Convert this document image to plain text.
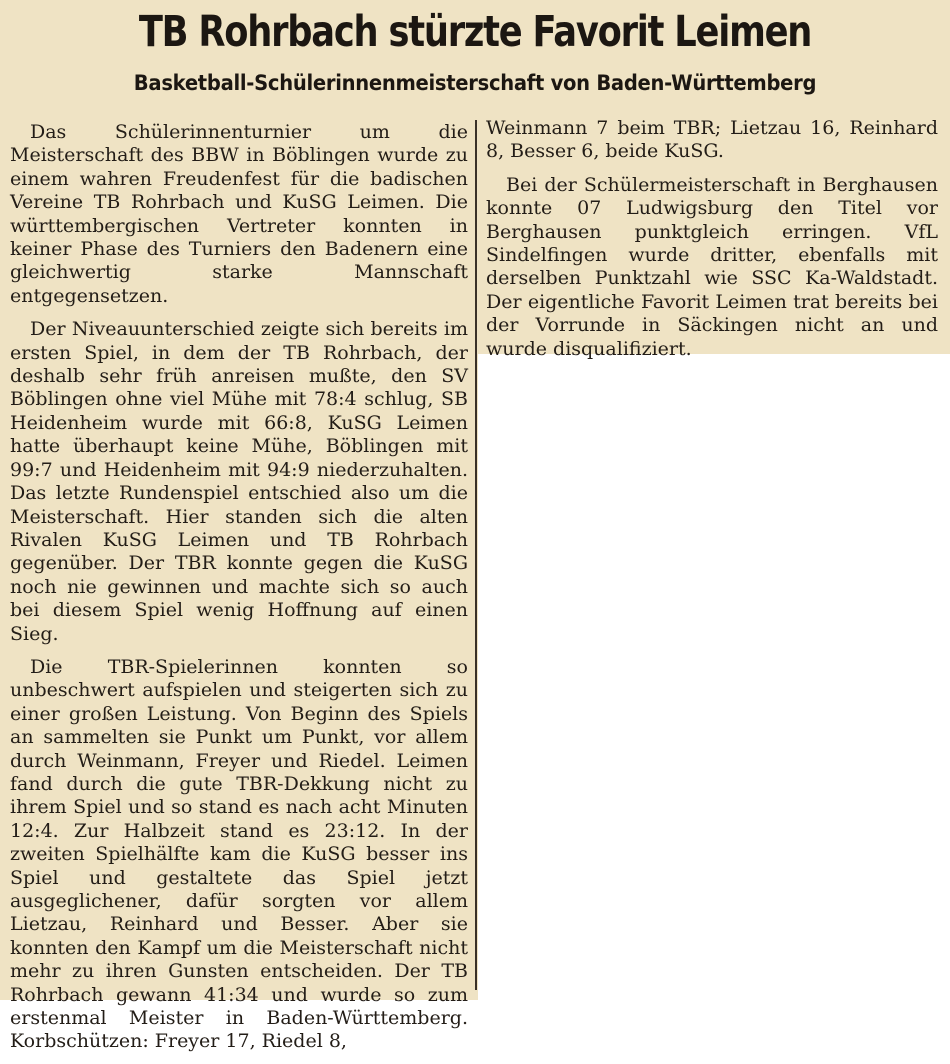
TB Rohrbach stürzte Favorit Leimen
Basketball-Schülerinnenmeisterschaft von Baden-Württemberg

Das Schülerinnenturnier um die Meisterschaft des BBW in Böblingen wurde zu einem wahren Freudenfest für die badischen Vereine TB Rohrbach und KuSG Leimen. Die württembergischen Vertreter konnten in keiner Phase des Turniers den Badenern eine gleichwertig starke Mannschaft entgegensetzen.

Der Niveauunterschied zeigte sich bereits im ersten Spiel, in dem der TB Rohrbach, der deshalb sehr früh anreisen mußte, den SV Böblingen ohne viel Mühe mit 78:4 schlug, SB Heidenheim wurde mit 66:8, KuSG Leimen hatte überhaupt keine Mühe, Böblingen mit 99:7 und Heidenheim mit 94:9 niederzuhalten. Das letzte Rundenspiel entschied also um die Meisterschaft. Hier standen sich die alten Rivalen KuSG Leimen und TB Rohrbach gegenüber. Der TBR konnte gegen die KuSG noch nie gewinnen und machte sich so auch bei diesem Spiel wenig Hoffnung auf einen Sieg.

Die TBR-Spielerinnen konnten so unbeschwert aufspielen und steigerten sich zu einer großen Leistung. Von Beginn des Spiels an sammelten sie Punkt um Punkt, vor allem durch Weinmann, Freyer und Riedel. Leimen fand durch die gute TBR-Dekkung nicht zu ihrem Spiel und so stand es nach acht Minuten 12:4. Zur Halbzeit stand es 23:12. In der zweiten Spielhälfte kam die KuSG besser ins Spiel und gestaltete das Spiel jetzt ausgeglichener, dafür sorgten vor allem Lietzau, Reinhard und Besser. Aber sie konnten den Kampf um die Meisterschaft nicht mehr zu ihren Gunsten entscheiden. Der TB Rohrbach gewann 41:34 und wurde so zum erstenmal Meister in Baden-Württemberg. Korbschützen: Freyer 17, Riedel 8,

Weinmann 7 beim TBR; Lietzau 16, Reinhard 8, Besser 6, beide KuSG.

Bei der Schülermeisterschaft in Berghausen konnte 07 Ludwigsburg den Titel vor Berghausen punktgleich erringen. VfL Sindelfingen wurde dritter, ebenfalls mit derselben Punktzahl wie SSC Ka-Waldstadt. Der eigentliche Favorit Leimen trat bereits bei der Vorrunde in Säckingen nicht an und wurde disqualifiziert.
